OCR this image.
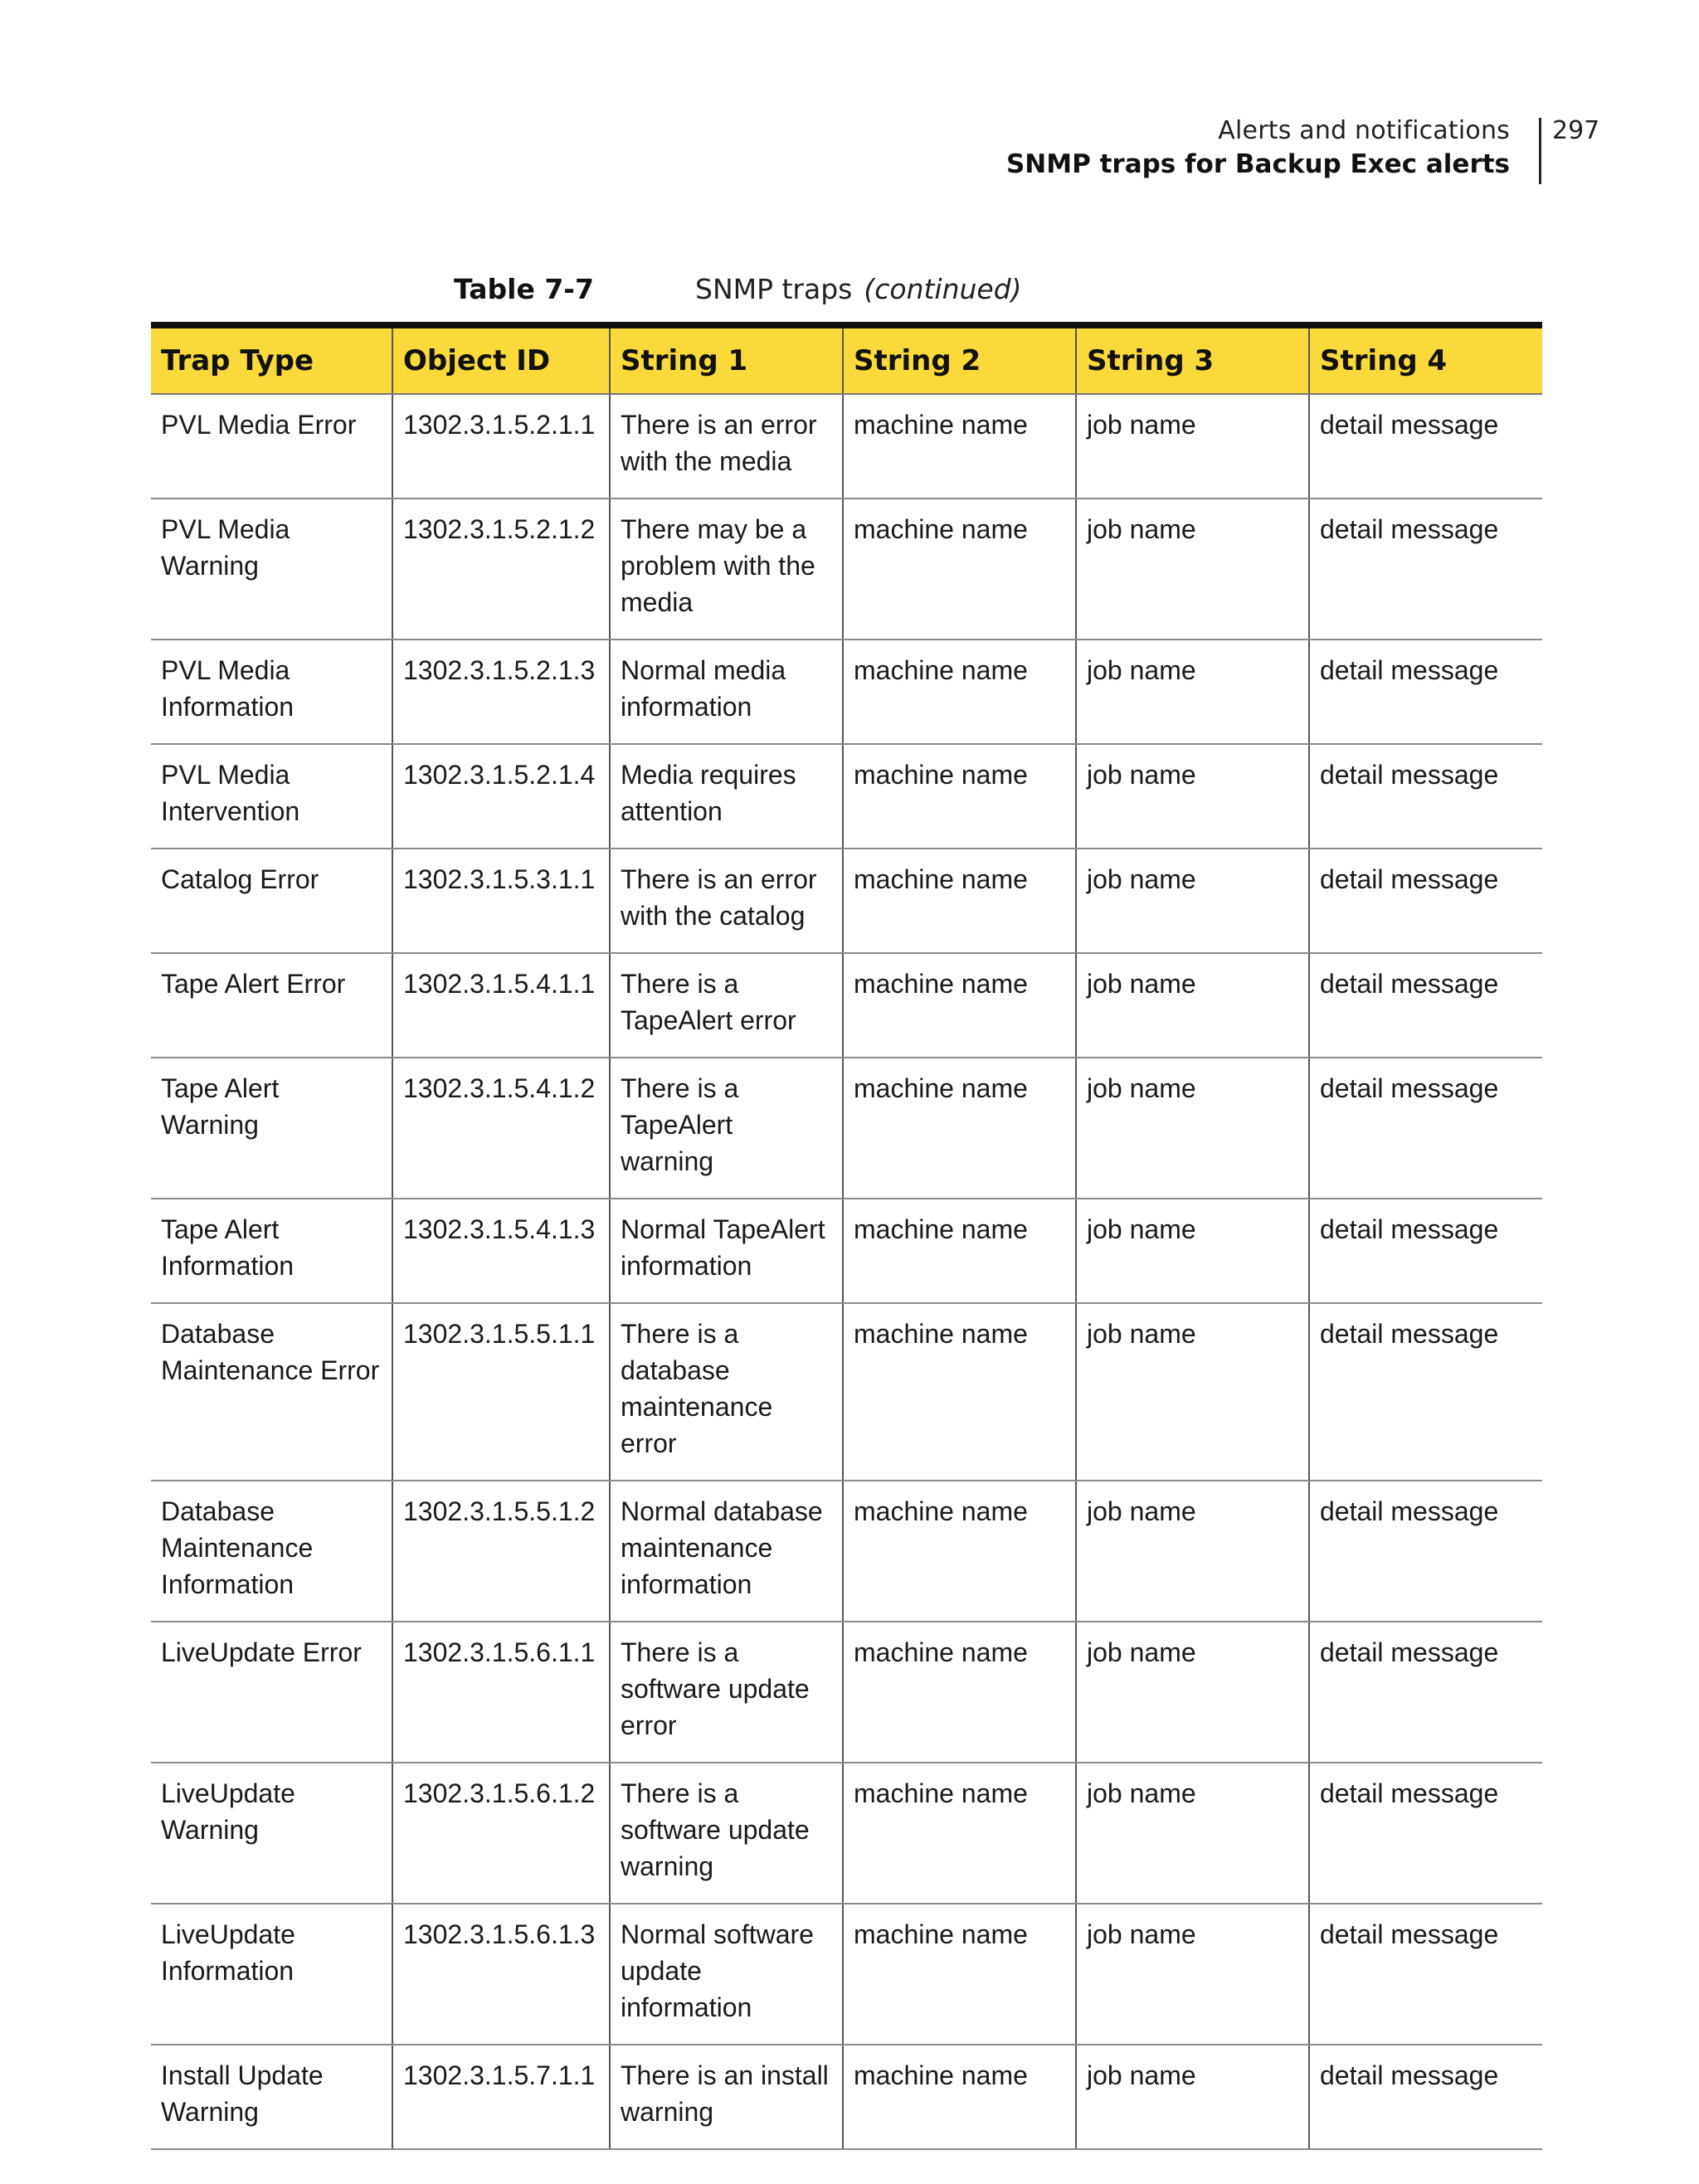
Alerts and notifications
SNMP traps for Backup Exec alerts
297
Table 7-7	SNMP traps (continued)
Trap Type	Object ID	String 1	String 2	String 3	String 4
PVL Media Error	1302.3.1.5.2.1.1	There is an error with the media	machine name	job name	detail message
PVL Media Warning	1302.3.1.5.2.1.2	There may be a problem with the media	machine name	job name	detail message
PVL Media Information	1302.3.1.5.2.1.3	Normal media information	machine name	job name	detail message
PVL Media Intervention	1302.3.1.5.2.1.4	Media requires attention	machine name	job name	detail message
Catalog Error	1302.3.1.5.3.1.1	There is an error with the catalog	machine name	job name	detail message
Tape Alert Error	1302.3.1.5.4.1.1	There is a TapeAlert error	machine name	job name	detail message
Tape Alert Warning	1302.3.1.5.4.1.2	There is a TapeAlert warning	machine name	job name	detail message
Tape Alert Information	1302.3.1.5.4.1.3	Normal TapeAlert information	machine name	job name	detail message
Database Maintenance Error	1302.3.1.5.5.1.1	There is a database maintenance error	machine name	job name	detail message
Database Maintenance Information	1302.3.1.5.5.1.2	Normal database maintenance information	machine name	job name	detail message
LiveUpdate Error	1302.3.1.5.6.1.1	There is a software update error	machine name	job name	detail message
LiveUpdate Warning	1302.3.1.5.6.1.2	There is a software update warning	machine name	job name	detail message
LiveUpdate Information	1302.3.1.5.6.1.3	Normal software update information	machine name	job name	detail message
Install Update Warning	1302.3.1.5.7.1.1	There is an install warning	machine name	job name	detail message
